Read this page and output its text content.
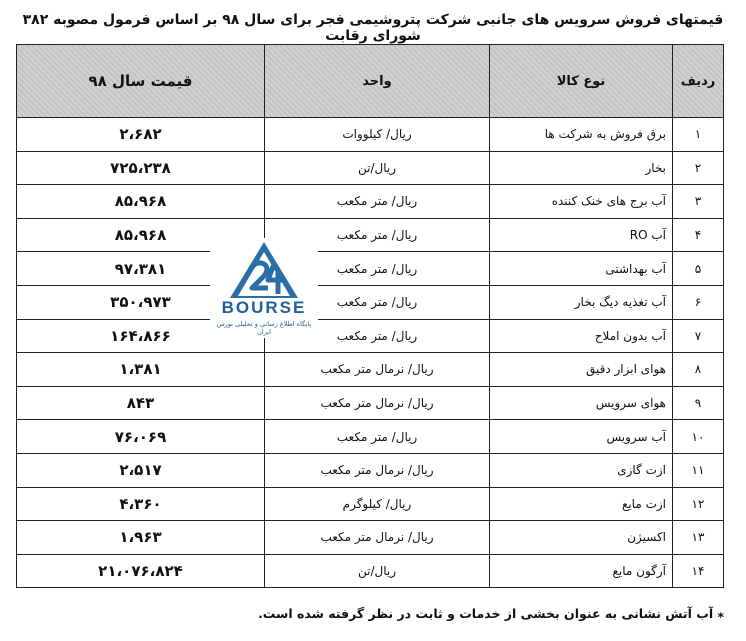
قیمتهای فروش سرویس های جانبی شرکت پتروشیمی فجر برای سال ۹۸ بر اساس فرمول مصوبه ۳۸۲ شورای رقابت
ردیف	نوع کالا	واحد	قیمت سال ۹۸
۱	برق فروش به شرکت ها	ریال/ کیلووات	۲،۶۸۲
۲	بخار	ریال/تن	۷۲۵،۲۳۸
۳	آب برج های خنک کننده	ریال/ متر مکعب	۸۵،۹۶۸
۴	آب RO	ریال/ متر مکعب	۸۵،۹۶۸
۵	آب بهداشتی	ریال/ متر مکعب	۹۷،۳۸۱
۶	آب تغذیه دیگ بخار	ریال/ متر مکعب	۳۵۰،۹۷۳
۷	آب بدون املاح	ریال/ متر مکعب	۱۶۴،۸۶۶
۸	هوای ابزار دقیق	ریال/ نرمال متر مکعب	۱،۳۸۱
۹	هوای سرویس	ریال/ نرمال متر مکعب	۸۴۳
۱۰	آب سرویس	ریال/ متر مکعب	۷۶،۰۶۹
۱۱	ازت گازی	ریال/ نرمال متر مکعب	۲،۵۱۷
۱۲	ازت مایع	ریال/ کیلوگرم	۴،۳۶۰
۱۳	اکسیژن	ریال/ نرمال متر مکعب	۱،۹۶۳
۱۴	آرگون مایع	ریال/تن	۲۱،۰۷۶،۸۲۴
⁎ آب آتش نشانی به عنوان بخشی از خدمات و ثابت در نظر گرفته شده است.
BOURSE
پایگاه اطلاع رسانی و تحلیلی بورس ایران
